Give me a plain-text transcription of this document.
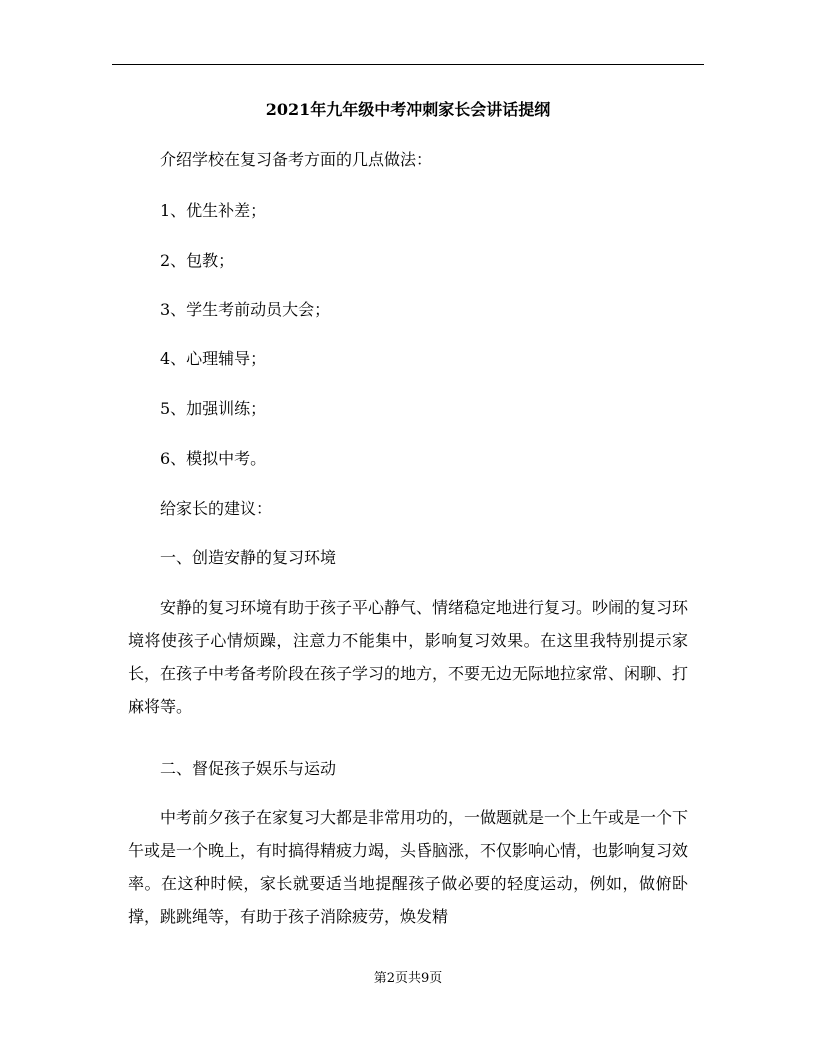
2021年九年级中考冲刺家长会讲话提纲

介绍学校在复习备考方面的几点做法：

1、优生补差；

2、包教；

3、学生考前动员大会；

4、心理辅导；

5、加强训练；

6、模拟中考。

给家长的建议：

一、创造安静的复习环境

安静的复习环境有助于孩子平心静气、情绪稳定地进行复习。吵闹的复习环境将使孩子心情烦躁，注意力不能集中，影响复习效果。在这里我特别提示家长，在孩子中考备考阶段在孩子学习的地方，不要无边无际地拉家常、闲聊、打麻将等。

二、督促孩子娱乐与运动

中考前夕孩子在家复习大都是非常用功的，一做题就是一个上午或是一个下午或是一个晚上，有时搞得精疲力竭，头昏脑涨，不仅影响心情，也影响复习效率。在这种时候，家长就要适当地提醒孩子做必要的轻度运动，例如，做俯卧撑，跳跳绳等，有助于孩子消除疲劳，焕发精

第2页共9页
